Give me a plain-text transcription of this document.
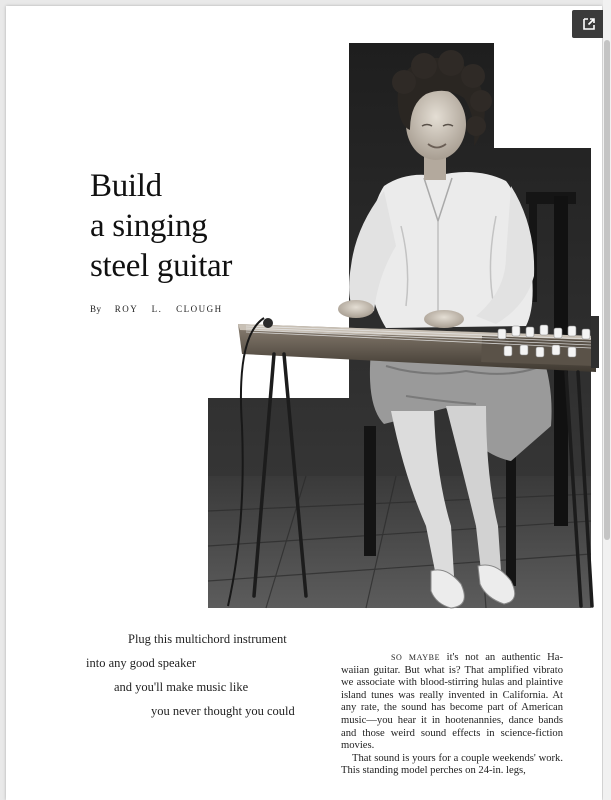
Build
a singing
steel guitar
By ROY L. CLOUGH
Plug this multichord instrument
into any good speaker
and you'll make music like
you never thought you could

SO MAYBE it's not an authentic Hawaiian guitar. But what is? That amplified vibrato we associate with blood-stirring hulas and plaintive island tunes was really invented in California. At any rate, the sound has become part of American music—you hear it in hootenannies, dance bands and those weird sound effects in science-fiction movies.

That sound is yours for a couple weekends' work. This standing model perches on 24-in. legs,
